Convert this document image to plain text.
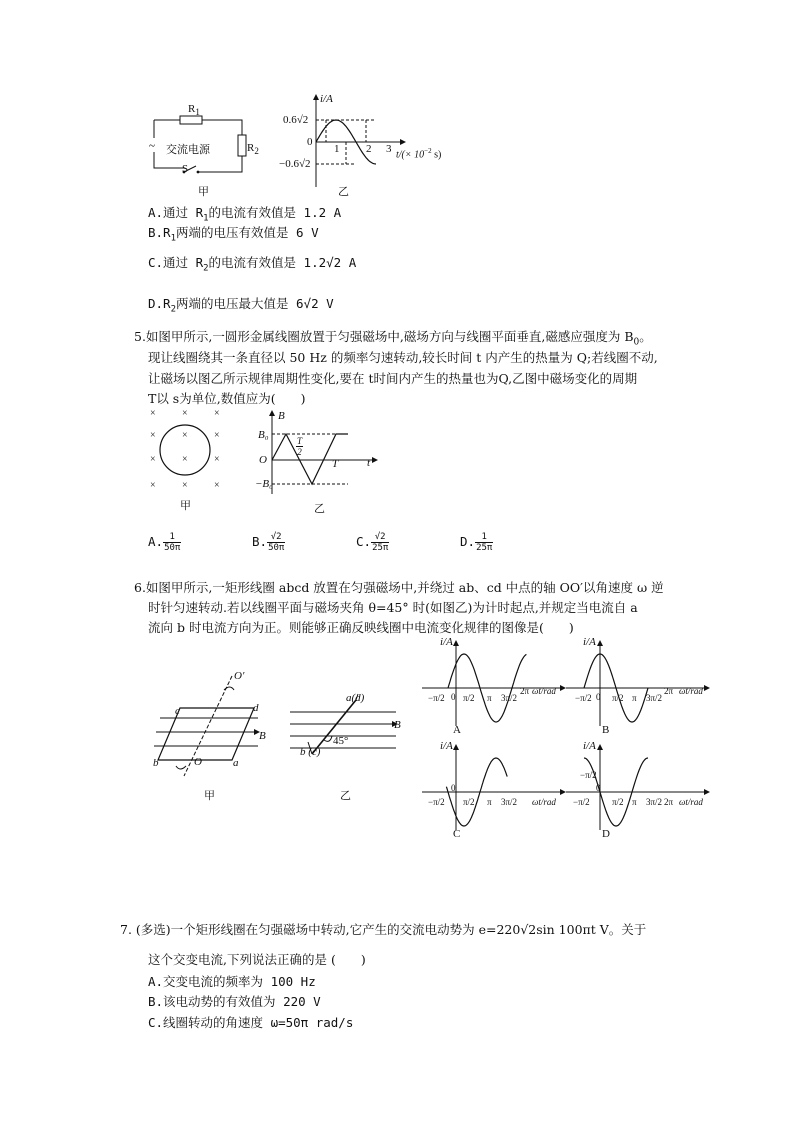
~ 交流电源
$R_1$
$R_2$
S
甲
i/A
0.6√2
−0.6√2
0
1 2 3 $t/(\times 10^{-2}$ s)
乙
A.通过 $R_1$的电流有效值是 1.2 A
$B.R_1$两端的电压有效值是 6 V
C.通过 $R_2$的电流有效值是 1.2√2 A
$D.R_2$两端的电压最大值是 6√2 V
5.如图甲所示,一圆形金属线圈放置于匀强磁场中,磁场方向与线圈平面垂直,磁感应强度为 $B_0$。
现让线圈绕其一条直径以 50 Hz 的频率匀速转动,较长时间 t 内产生的热量为 Q;若线圈不动,
让磁场以图乙所示规律周期性变化,要在 t时间内产生的热量也为Q,乙图中磁场变化的周期
T以 s为单位,数值应为(　　)
×
×
×
×
×
×
×
×
×
×
×
×
甲
B
B₀
−B₀
O
$\frac{T}{2}$
T	t
乙
A. $\frac{1}{50\pi}$	B. $\frac{√2}{50\pi}$	C. $\frac{√2}{25\pi}$	D. $\frac{1}{25\pi}$
6.如图甲所示,一矩形线圈 abcd 放置在匀强磁场中,并绕过 ab、cd 中点的轴 OO′以角速度 ω 逆
时针匀速转动.若以线圈平面与磁场夹角 θ=45° 时(如图乙)为计时起点,并规定当电流自 a
流向 b 时电流方向为正。则能够正确反映线圈中电流变化规律的图像是(　　)
O′
O	a
b
c	d
B
甲
a(d)
b (c)
45°
B
乙
i/A	i/A
i/A	i/A
A	B
C	D
−π/2 0 π/2 π 3π/2
2π ωt/rad
−π/2 0 π/2 π 3π/2
2π ωt/rad
−π/2
0
π/2 π 3π/2 ωt/rad
−π/2
−π/2
0
π/2 π 3π/2 2π ωt/rad
7. (多选)一个矩形线圈在匀强磁场中转动,它产生的交流电动势为 e=220√2sin 100πt V。关于
这个交变电流,下列说法正确的是 (　　)
A.交变电流的频率为 100 Hz
B.该电动势的有效值为 220 V
C.线圈转动的角速度 ω=50π rad/s
